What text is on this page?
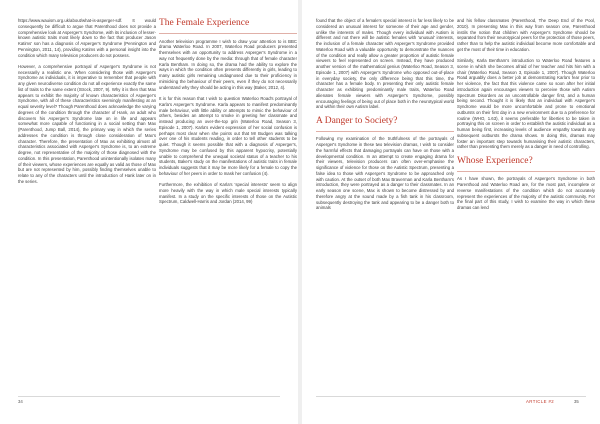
https://www.wauism.org.uk/about/what-is-asperger-sdf. It would consequently be difficult to argue that Parenthood does not provide a comprehensive look at Asperger's Syndrome, with its inclusion of lesser-known autistic traits most likely down to the fact that producer Jason Katims' son has a diagnosis of Asperger's Syndrome (Pennington and Pennington, 2011, 14), providing Katims with a personal insight into the condition which many television producers do not possess.

However, a comprehensive portrayal of Asperger's Syndrome is not necessarily a realistic one. When considering those with Asperger's Syndrome as individuals, it is imperative to remember that people with any given neurodiverse condition do not all experience exactly the same list of traits to the same extent (Strock, 2007, 9). Why it is then that Max appears to exhibit the majority of known characteristics of Asperger's Syndrome, with all of these characteristics seemingly manifesting at an equal severity level? Though Parenthood does acknowledge the varying degrees of the condition through the character of Hank, an adult who discovers his Asperger's Syndrome late on in life and appears somewhat more capable of functioning in a social setting than Max (Parenthood, Jump Ball, 2014), the primary way in which the series addresses the condition is through close consideration of Max's character. Therefore, the presentation of Max as exhibiting almost all characteristics associated with Asperger's Syndrome is, to an extreme degree, not representative of the majority of those diagnosed with the condition. In this presentation, Parenthood unintentionally isolates many of their viewers, whose experiences are equally as valid as those of Max but are not represented by him, possibly finding themselves unable to relate to any of the characters until the introduction of Hank later on in the series.

The Female Experience

Another television programme I wish to draw your attention to is BBC drama Waterloo Road. In 2007, Waterloo Road producers presented themselves with an opportunity to address Asperger's Syndrome in a way not frequently done by the media: through that of female character Karla Bentham. In doing so, the drama had the ability to explore the ways in which the condition often presents differently in girls, leading to many autistic girls remaining undiagnosed due to their proficiency in mimicking the behaviour of their peers, even if they do not necessarily understand why they should be acting in this way (Baker, 2012, 4).

It is for this reason that I wish to question Waterloo Road's portrayal of Karla's Asperger's Syndrome. Karla appears to manifest predominantly male behaviour, with little ability or attempts to mimic the behaviour of others, besides an attempt to smoke in greeting her classmate and instead producing an over-the-top grin (Waterloo Road, Season 3, Episode 1, 2007). Karla's evident expression of her social confusion is perhaps most clear when she points out that Mr Budgen was talking over one of his students reading, in order to tell other students to be quiet. Though it seems possible that with a diagnosis of Asperger's, Syndrome may be confused by this apparent hypocrisy, potentially unable to comprehend the unequal societal status of a teacher to his students, Baker's study on the manifestations of autistic traits in female individuals suggests that it may be more likely for a female to copy the behaviour of her peers in order to mask her confusion (4).

Furthermore, the exhibition of Karla's 'special interests' seem to align more heavily with the way in which male special interests typically manifest. In a study on the specific interests of those on the Autistic Spectrum, Caldwell-Harris and Jordan (2014, 99)

34

found that the object of a female's special interest is far less likely to be considered an unusual interest for someone of their age and gender, unlike the interests of males. Though every individual with Autism is different and not there will be autistic females with 'unusual' interests, the inclusion of a female character with Asperger's Syndrome provided Waterloo Road with a valuable opportunity to demonstrate the nuances of the condition and really allow a greater proportion of autistic female viewers to feel represented on screen. Instead, they have produced another version of the mathematical genius (Waterloo Road, Season 3, Episode 1, 2007) with Asperger's Syndrome who opposed out-of-place in everyday society, the only difference being that this time, the character has a female body. In presenting their only autistic female character as exhibiting predominantly male traits, Waterloo Road alienates female viewers with Asperger's Syndrome, possibly encouraging feelings of being out of place both in the neurotypical world and within their own Autism label.

A Danger to Society?

Following my examination of the truthfulness of the portrayals of Asperger's Syndrome in these two television dramas, I wish to consider the harmful effects that damaging portrayals can have on those with a developmental condition. In an attempt to create engaging drama for their viewers, television producers can often over-emphasise the significance of violence for those on the Autistic Spectrum, presenting a false idea to those with Asperger's Syndrome to be approached only with caution. At the outset of both Max Braverman and Karla Bentham's introduction, they were portrayed as a danger to their classmates. In an early season one scene, Max is shown to become distressed by and therefore angry at the sound made by a fish tank in his classroom, subsequently destroying the tank and appearing to be a danger both to animals

and his fellow classmates (Parenthood, The Deep End of the Pool, 2010). In presenting Max in this way from season one, Parenthood instils the notion that children with Asperger's Syndrome should be separated from their neurotypical peers for the protection of those peers, rather than to help the autistic individual become more comfortable and get the most of their time in education.

Similarly, Karla Bentham's introduction to Waterloo Road features a scene in which she becomes afraid of her teacher and hits him with a chair (Waterloo Road, Season 3, Episode 1, 2007). Though Waterloo Road arguably does a better job at demonstrating Karla's fear prior to her violence, the fact that this violence came so soon after her initial introduction again encourages viewers to perceive those with Autism Spectrum Disorders as an uncontrollable danger first, and a human being second. Thought it is likely that an individual with Asperger's Syndrome would be more uncomfortable and prone to emotional outbursts on their first day in a new environment due to a preference for routine (WHO, 1.63), it seems preferable for liberties to be taken in portraying this on screen in order to establish the autistic individual as a human being first, increasing levels of audience empathy towards any subsequent outbursts the drama shows. In doing this, dramas may foster an important step towards humanising their autistic characters, rather than presenting them merely as a danger in need of controlling.

Whose Experience?

As I have shown, the portrayals of Asperger's Syndrome in both Parenthood and Waterloo Road are, for the most part, incomplete or reverse manifestations of the condition which do not accurately represent the experiences of the majority of the autistic community. For the final part of this study, I wish to examine the way in which these dramas can lend

ARTICLE #2	35
